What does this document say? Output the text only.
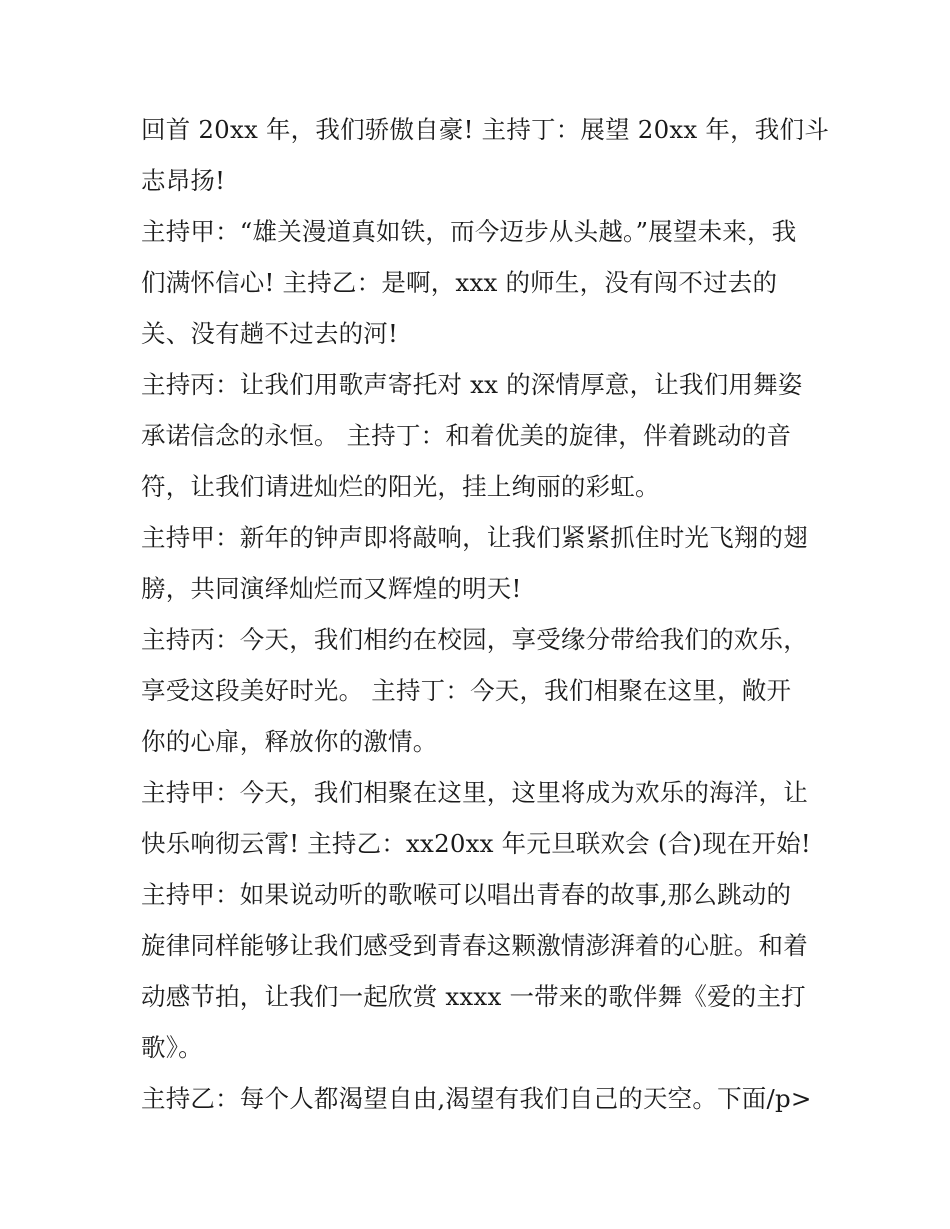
回首 20xx 年，我们骄傲自豪! 主持丁：展望 20xx 年，我们斗
志昂扬!

主持甲：“雄关漫道真如铁，而今迈步从头越。”展望未来，我
们满怀信心! 主持乙：是啊，xxx 的师生，没有闯不过去的
关、没有趟不过去的河!

主持丙：让我们用歌声寄托对 xx 的深情厚意，让我们用舞姿
承诺信念的永恒。 主持丁：和着优美的旋律，伴着跳动的音
符，让我们请进灿烂的阳光，挂上绚丽的彩虹。

主持甲：新年的钟声即将敲响，让我们紧紧抓住时光飞翔的翅
膀，共同演绎灿烂而又辉煌的明天!

主持丙：今天，我们相约在校园，享受缘分带给我们的欢乐，
享受这段美好时光。 主持丁：今天，我们相聚在这里，敞开
你的心扉，释放你的激情。

主持甲：今天，我们相聚在这里，这里将成为欢乐的海洋，让
快乐响彻云霄! 主持乙：xx20xx 年元旦联欢会 (合)现在开始!

主持甲：如果说动听的歌喉可以唱出青春的故事,那么跳动的
旋律同样能够让我们感受到青春这颗激情澎湃着的心脏。和着
动感节拍，让我们一起欣赏 xxxx 一带来的歌伴舞《爱的主打
歌》。

主持乙：每个人都渴望自由,渴望有我们自己的天空。下面/p>
